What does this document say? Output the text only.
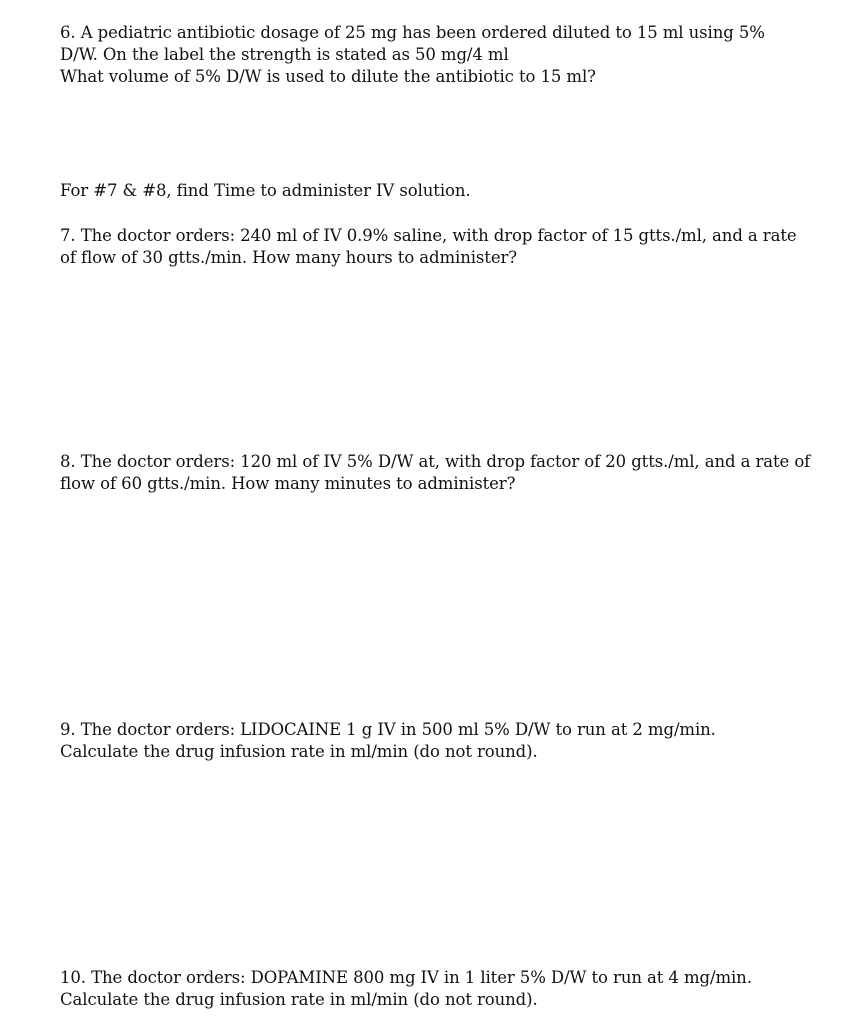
6. A pediatric antibiotic dosage of 25 mg has been ordered diluted to 15 ml using 5%
D/W. On the label the strength is stated as 50 mg/4 ml
What volume of 5% D/W is used to dilute the antibiotic to 15 ml?
For #7 & #8, find Time to administer IV solution.
7. The doctor orders: 240 ml of IV 0.9% saline, with drop factor of 15 gtts./ml, and a rate
of flow of 30 gtts./min. How many hours to administer?
8. The doctor orders: 120 ml of IV 5% D/W at, with drop factor of 20 gtts./ml, and a rate of
flow of 60 gtts./min. How many minutes to administer?
9. The doctor orders: LIDOCAINE 1 g IV in 500 ml 5% D/W to run at 2 mg/min.
Calculate the drug infusion rate in ml/min (do not round).
10. The doctor orders: DOPAMINE 800 mg IV in 1 liter 5% D/W to run at 4 mg/min.
Calculate the drug infusion rate in ml/min (do not round).
